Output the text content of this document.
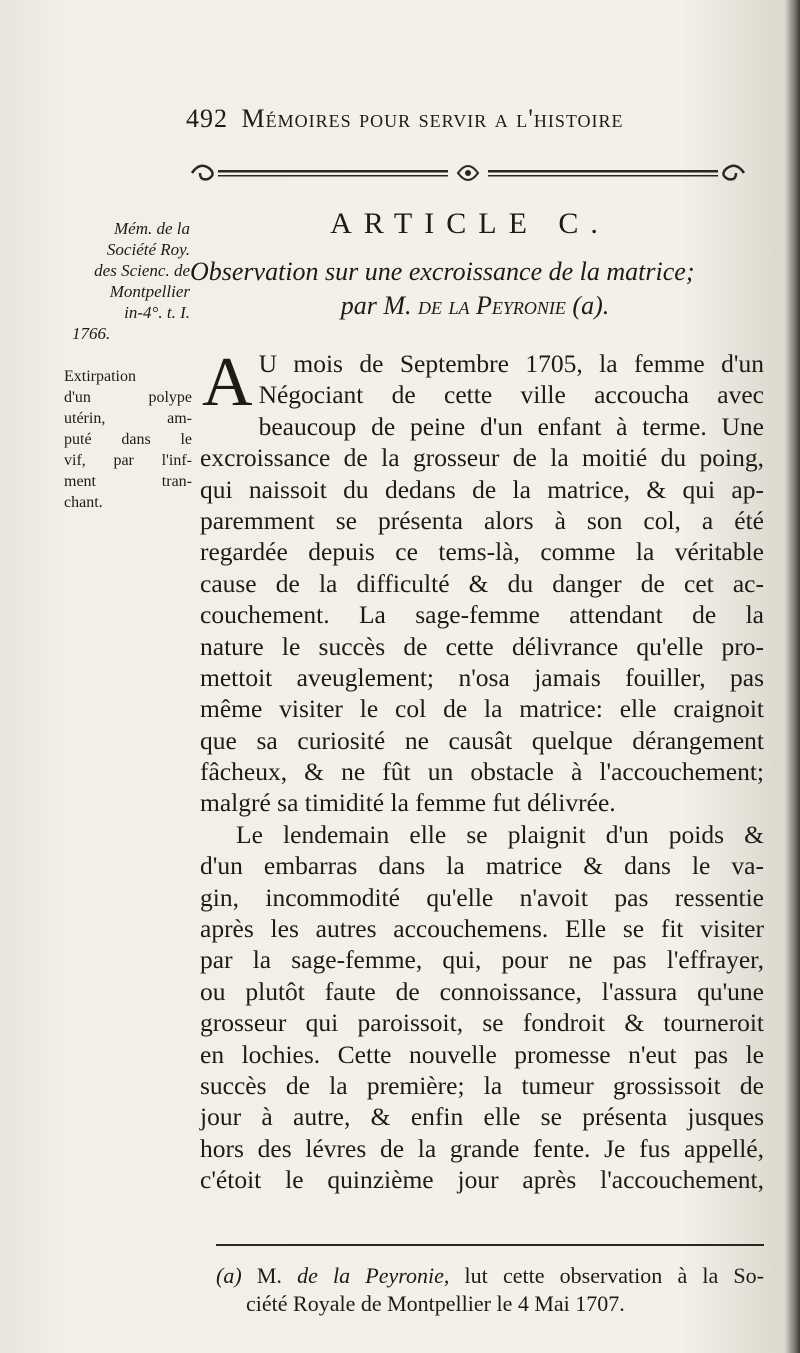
492 Mémoires pour servir a l'histoire
Mém. de la
Société Roy.
des Scienc. de
Montpellier
in-4°. t. I.
1766.
Extirpation
d'un polype
utérin, am-
puté dans le
vif, par l'inf-
ment tran-
chant.
ARTICLE C.
Observation sur une excroissance de la matrice;
par M. de la Peyronie (a).
A U mois de Septembre 1705, la femme d'un
Négociant de cette ville accoucha avec
beaucoup de peine d'un enfant à terme. Une
excroissance de la grosseur de la moitié du poing,
qui naissoit du dedans de la matrice, & qui ap-
paremment se présenta alors à son col, a été
regardée depuis ce tems-là, comme la véritable
cause de la difficulté & du danger de cet ac-
couchement. La sage-femme attendant de la
nature le succès de cette délivrance qu'elle pro-
mettoit aveuglement; n'osa jamais fouiller, pas
même visiter le col de la matrice: elle craignoit
que sa curiosité ne causât quelque dérangement
fâcheux, & ne fût un obstacle à l'accouchement;
malgré sa timidité la femme fut délivrée.
Le lendemain elle se plaignit d'un poids &
d'un embarras dans la matrice & dans le va-
gin, incommodité qu'elle n'avoit pas ressentie
après les autres accouchemens. Elle se fit visiter
par la sage-femme, qui, pour ne pas l'effrayer,
ou plutôt faute de connoissance, l'assura qu'une
grosseur qui paroissoit, se fondroit & tourneroit
en lochies. Cette nouvelle promesse n'eut pas le
succès de la première; la tumeur grossissoit de
jour à autre, & enfin elle se présenta jusques
hors des lévres de la grande fente. Je fus appellé,
c'étoit le quinzième jour après l'accouchement,
(a) M. de la Peyronie, lut cette observation à la So-
ciété Royale de Montpellier le 4 Mai 1707.
